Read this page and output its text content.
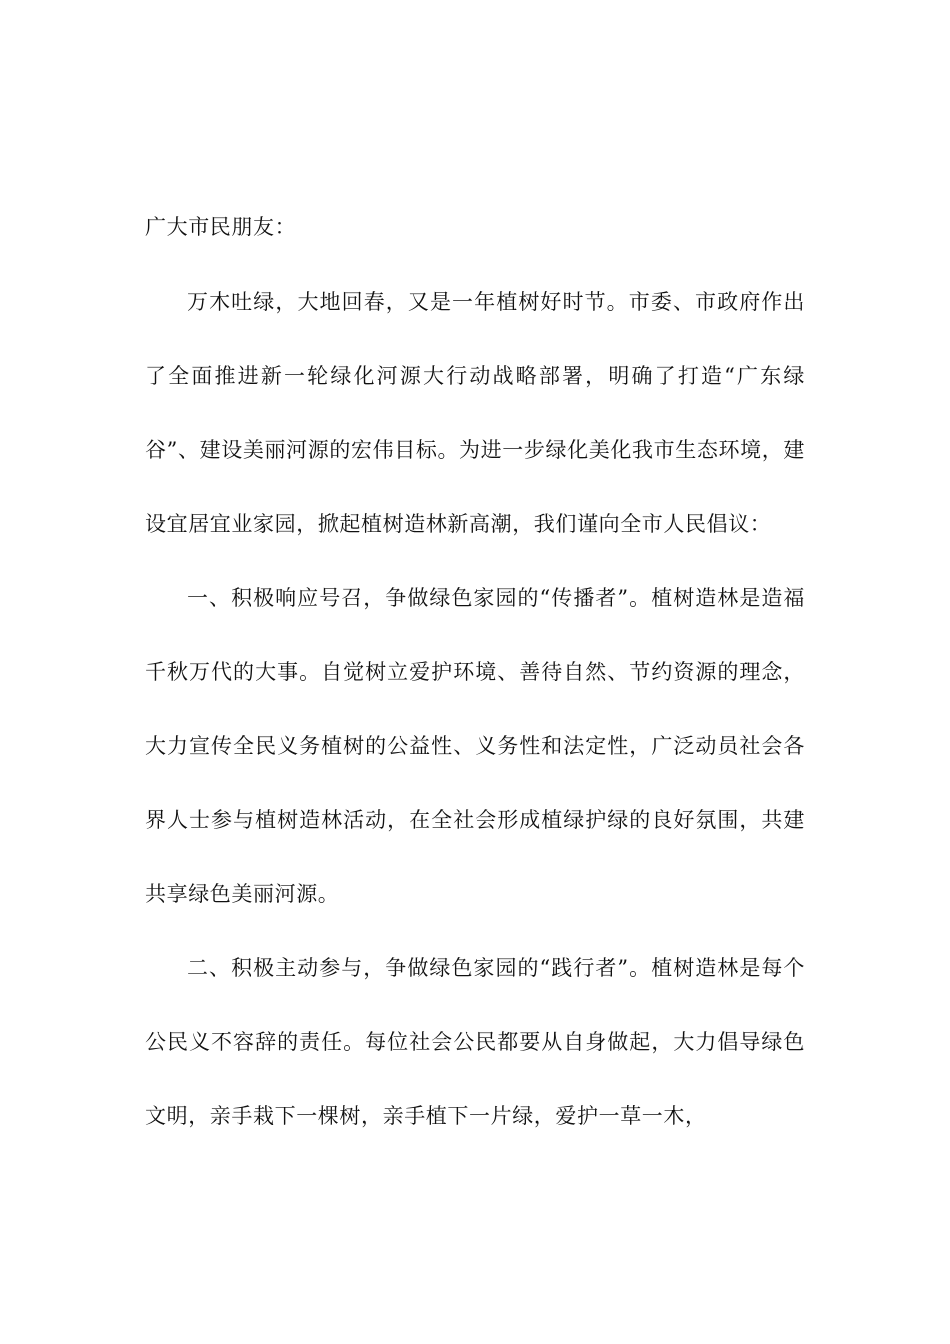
广大市民朋友：

万木吐绿，大地回春，又是一年植树好时节。市委、市政府作出了全面推进新一轮绿化河源大行动战略部署，明确了打造“广东绿谷”、建设美丽河源的宏伟目标。为进一步绿化美化我市生态环境，建设宜居宜业家园，掀起植树造林新高潮，我们谨向全市人民倡议：

一、积极响应号召，争做绿色家园的“传播者”。植树造林是造福千秋万代的大事。自觉树立爱护环境、善待自然、节约资源的理念，大力宣传全民义务植树的公益性、义务性和法定性，广泛动员社会各界人士参与植树造林活动，在全社会形成植绿护绿的良好氛围，共建共享绿色美丽河源。

二、积极主动参与，争做绿色家园的“践行者”。植树造林是每个公民义不容辞的责任。每位社会公民都要从自身做起，大力倡导绿色文明，亲手栽下一棵树，亲手植下一片绿，爱护一草一木，
